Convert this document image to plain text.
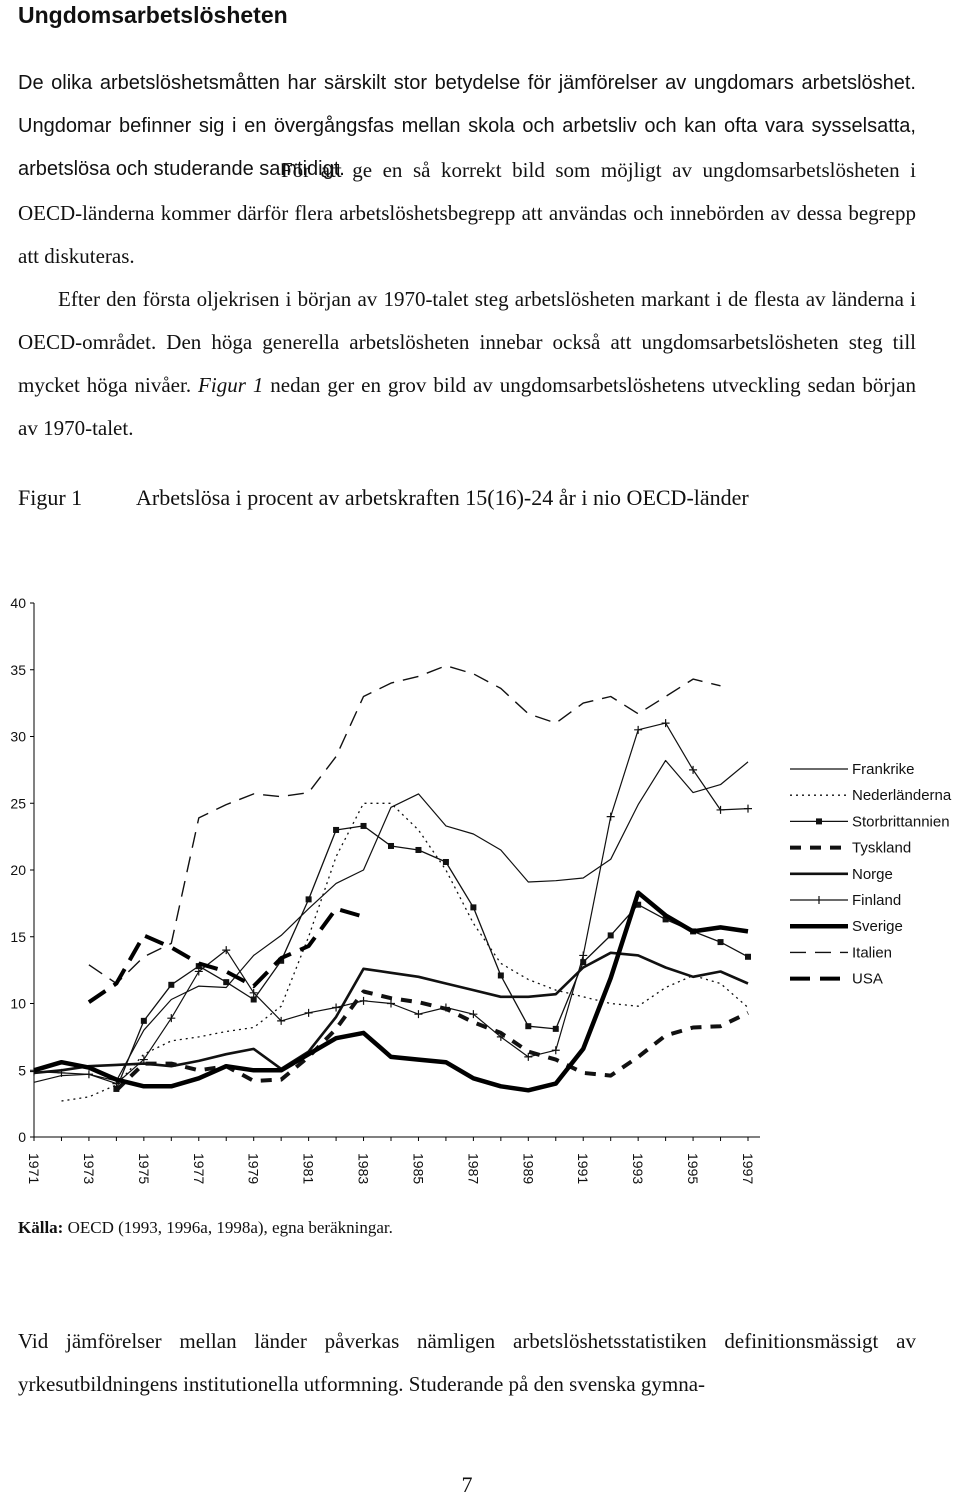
Ungdomsarbetslösheten

De olika arbetslöshetsmåtten har särskilt stor betydelse för jämförelser av ungdomars arbetslöshet. Ungdomar befinner sig i en övergångsfas mellan skola och arbetsliv och kan ofta vara sysselsatta, arbetslösa och studerande samtidigt.

För att ge en så korrekt bild som möjligt av ungdomsarbetslösheten i OECD-länderna kommer därför flera arbetslöshetsbegrepp att användas och innebörden av dessa begrepp att diskuteras.

Efter den första oljekrisen i början av 1970-talet steg arbetslösheten markant i de flesta av länderna i OECD-området. Den höga generella arbetslösheten innebar också att ungdomsarbetslösheten steg till mycket höga nivåer. Figur 1 nedan ger en grov bild av ungdomsarbetslöshetens utveckling sedan början av 1970-talet.

Figur 1 Arbetslösa i procent av arbetskraften 15(16)-24 år i nio OECD-länder
0
5
10
15
20
25
30
35
40
1971	1973	1975	1977	1979	1981	1983	1985	1987	1989	1991	1993	1995	1997
Frankrike
Nederländerna
Storbrittannien
Tyskland
Norge
Finland
Sverige
Italien
USA
Källa: OECD (1993, 1996a, 1998a), egna beräkningar.

Vid jämförelser mellan länder påverkas nämligen arbetslöshetsstatistiken definitionsmässigt av yrkesutbildningens institutionella utformning. Studerande på den svenska gymna-

7
